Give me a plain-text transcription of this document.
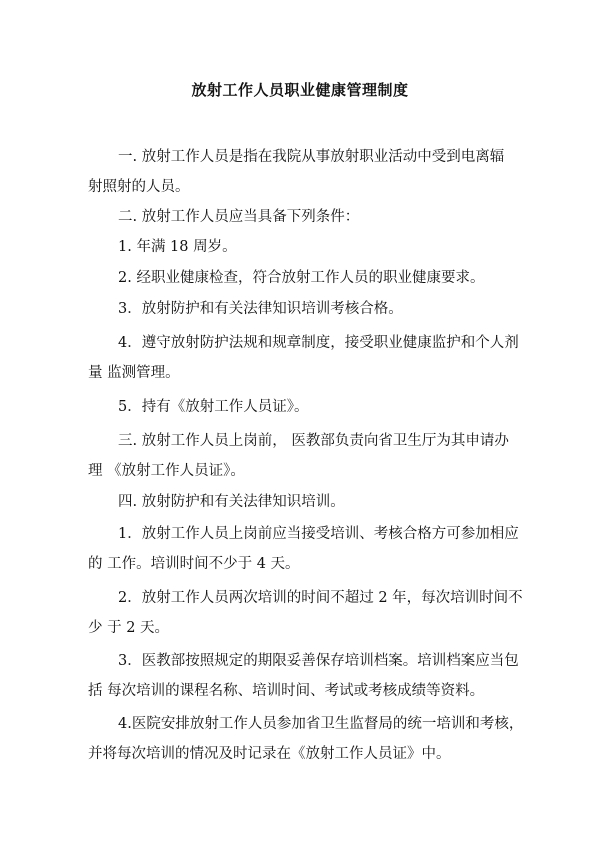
放射工作人员职业健康管理制度
一. 放射工作人员是指在我院从事放射职业活动中受到电离辐
射照射的人员。
二. 放射工作人员应当具备下列条件：
1. 年满 18 周岁。
2. 经职业健康检查，符合放射工作人员的职业健康要求。
3．放射防护和有关法律知识培训考核合格。
4．遵守放射防护法规和规章制度，接受职业健康监护和个人剂
量 监测管理。
5．持有《放射工作人员证》。
三. 放射工作人员上岗前， 医教部负责向省卫生厅为其申请办
理 《放射工作人员证》。
四. 放射防护和有关法律知识培训。
1．放射工作人员上岗前应当接受培训、考核合格方可参加相应
的 工作。培训时间不少于 4 天。
2．放射工作人员两次培训的时间不超过 2 年，每次培训时间不
少 于 2 天。
3．医教部按照规定的期限妥善保存培训档案。培训档案应当包
括 每次培训的课程名称、培训时间、考试或考核成绩等资料。
4.医院安排放射工作人员参加省卫生监督局的统一培训和考核，
并将每次培训的情况及时记录在《放射工作人员证》中。
